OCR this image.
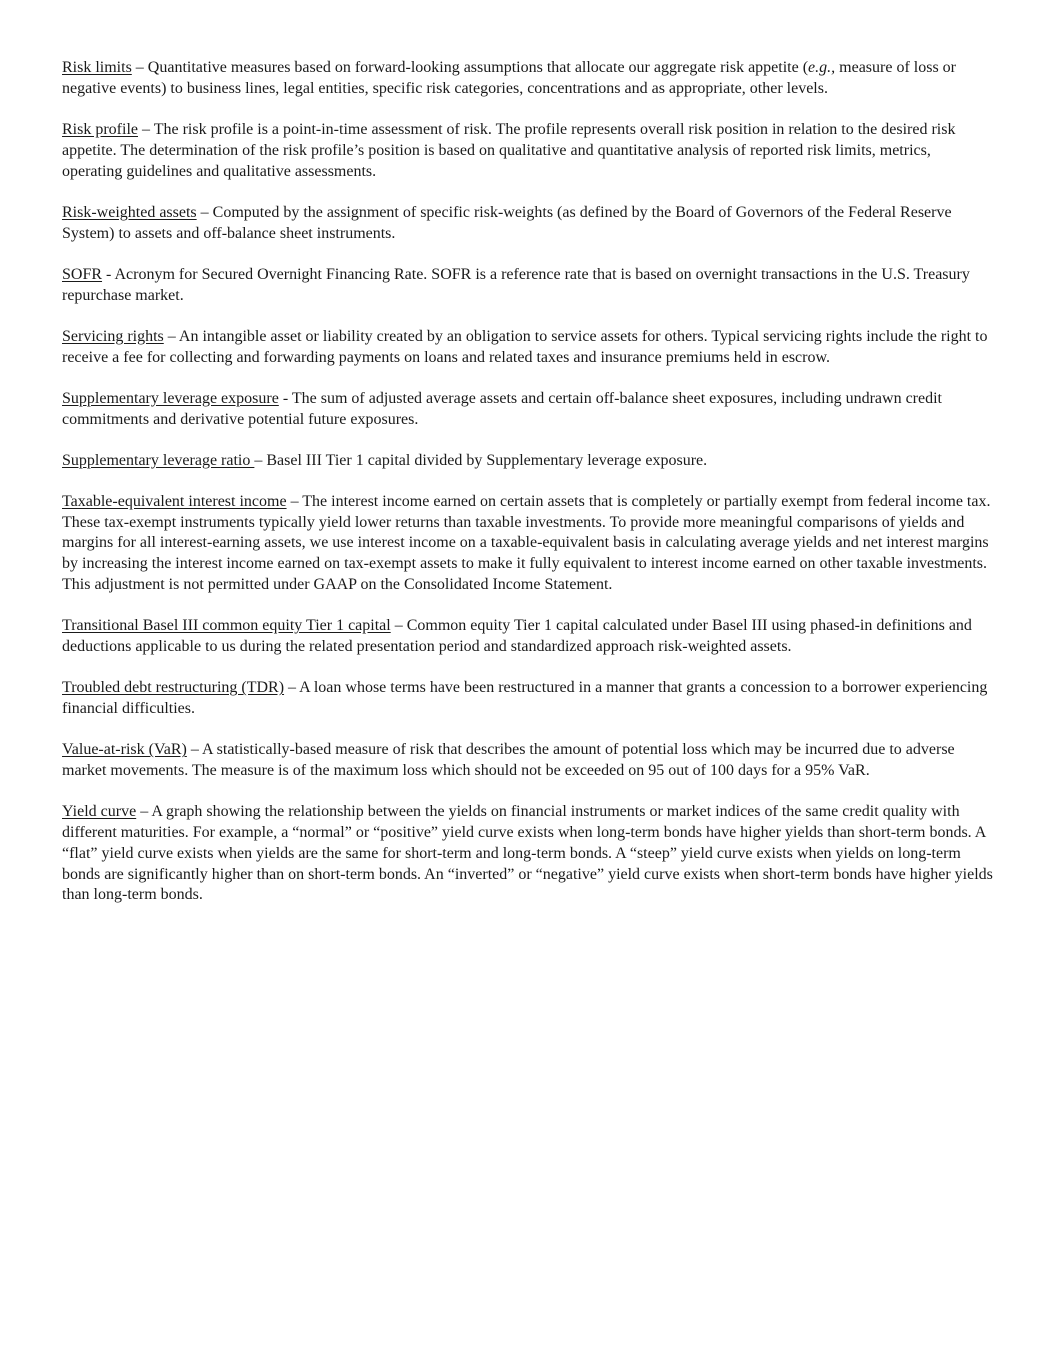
Risk limits – Quantitative measures based on forward-looking assumptions that allocate our aggregate risk appetite (e.g., measure of loss or negative events) to business lines, legal entities, specific risk categories, concentrations and as appropriate, other levels.

Risk profile – The risk profile is a point-in-time assessment of risk. The profile represents overall risk position in relation to the desired risk appetite. The determination of the risk profile’s position is based on qualitative and quantitative analysis of reported risk limits, metrics, operating guidelines and qualitative assessments.

Risk-weighted assets – Computed by the assignment of specific risk-weights (as defined by the Board of Governors of the Federal Reserve System) to assets and off-balance sheet instruments.

SOFR - Acronym for Secured Overnight Financing Rate. SOFR is a reference rate that is based on overnight transactions in the U.S. Treasury repurchase market.

Servicing rights – An intangible asset or liability created by an obligation to service assets for others. Typical servicing rights include the right to receive a fee for collecting and forwarding payments on loans and related taxes and insurance premiums held in escrow.

Supplementary leverage exposure - The sum of adjusted average assets and certain off-balance sheet exposures, including undrawn credit commitments and derivative potential future exposures.

Supplementary leverage ratio – Basel III Tier 1 capital divided by Supplementary leverage exposure.

Taxable-equivalent interest income – The interest income earned on certain assets that is completely or partially exempt from federal income tax. These tax-exempt instruments typically yield lower returns than taxable investments. To provide more meaningful comparisons of yields and margins for all interest-earning assets, we use interest income on a taxable-equivalent basis in calculating average yields and net interest margins by increasing the interest income earned on tax-exempt assets to make it fully equivalent to interest income earned on other taxable investments. This adjustment is not permitted under GAAP on the Consolidated Income Statement.

Transitional Basel III common equity Tier 1 capital – Common equity Tier 1 capital calculated under Basel III using phased-in definitions and deductions applicable to us during the related presentation period and standardized approach risk-weighted assets.

Troubled debt restructuring (TDR) – A loan whose terms have been restructured in a manner that grants a concession to a borrower experiencing financial difficulties.

Value-at-risk (VaR) – A statistically-based measure of risk that describes the amount of potential loss which may be incurred due to adverse market movements. The measure is of the maximum loss which should not be exceeded on 95 out of 100 days for a 95% VaR.

Yield curve – A graph showing the relationship between the yields on financial instruments or market indices of the same credit quality with different maturities. For example, a “normal” or “positive” yield curve exists when long-term bonds have higher yields than short-term bonds. A “flat” yield curve exists when yields are the same for short-term and long-term bonds. A “steep” yield curve exists when yields on long-term bonds are significantly higher than on short-term bonds. An “inverted” or “negative” yield curve exists when short-term bonds have higher yields than long-term bonds.
